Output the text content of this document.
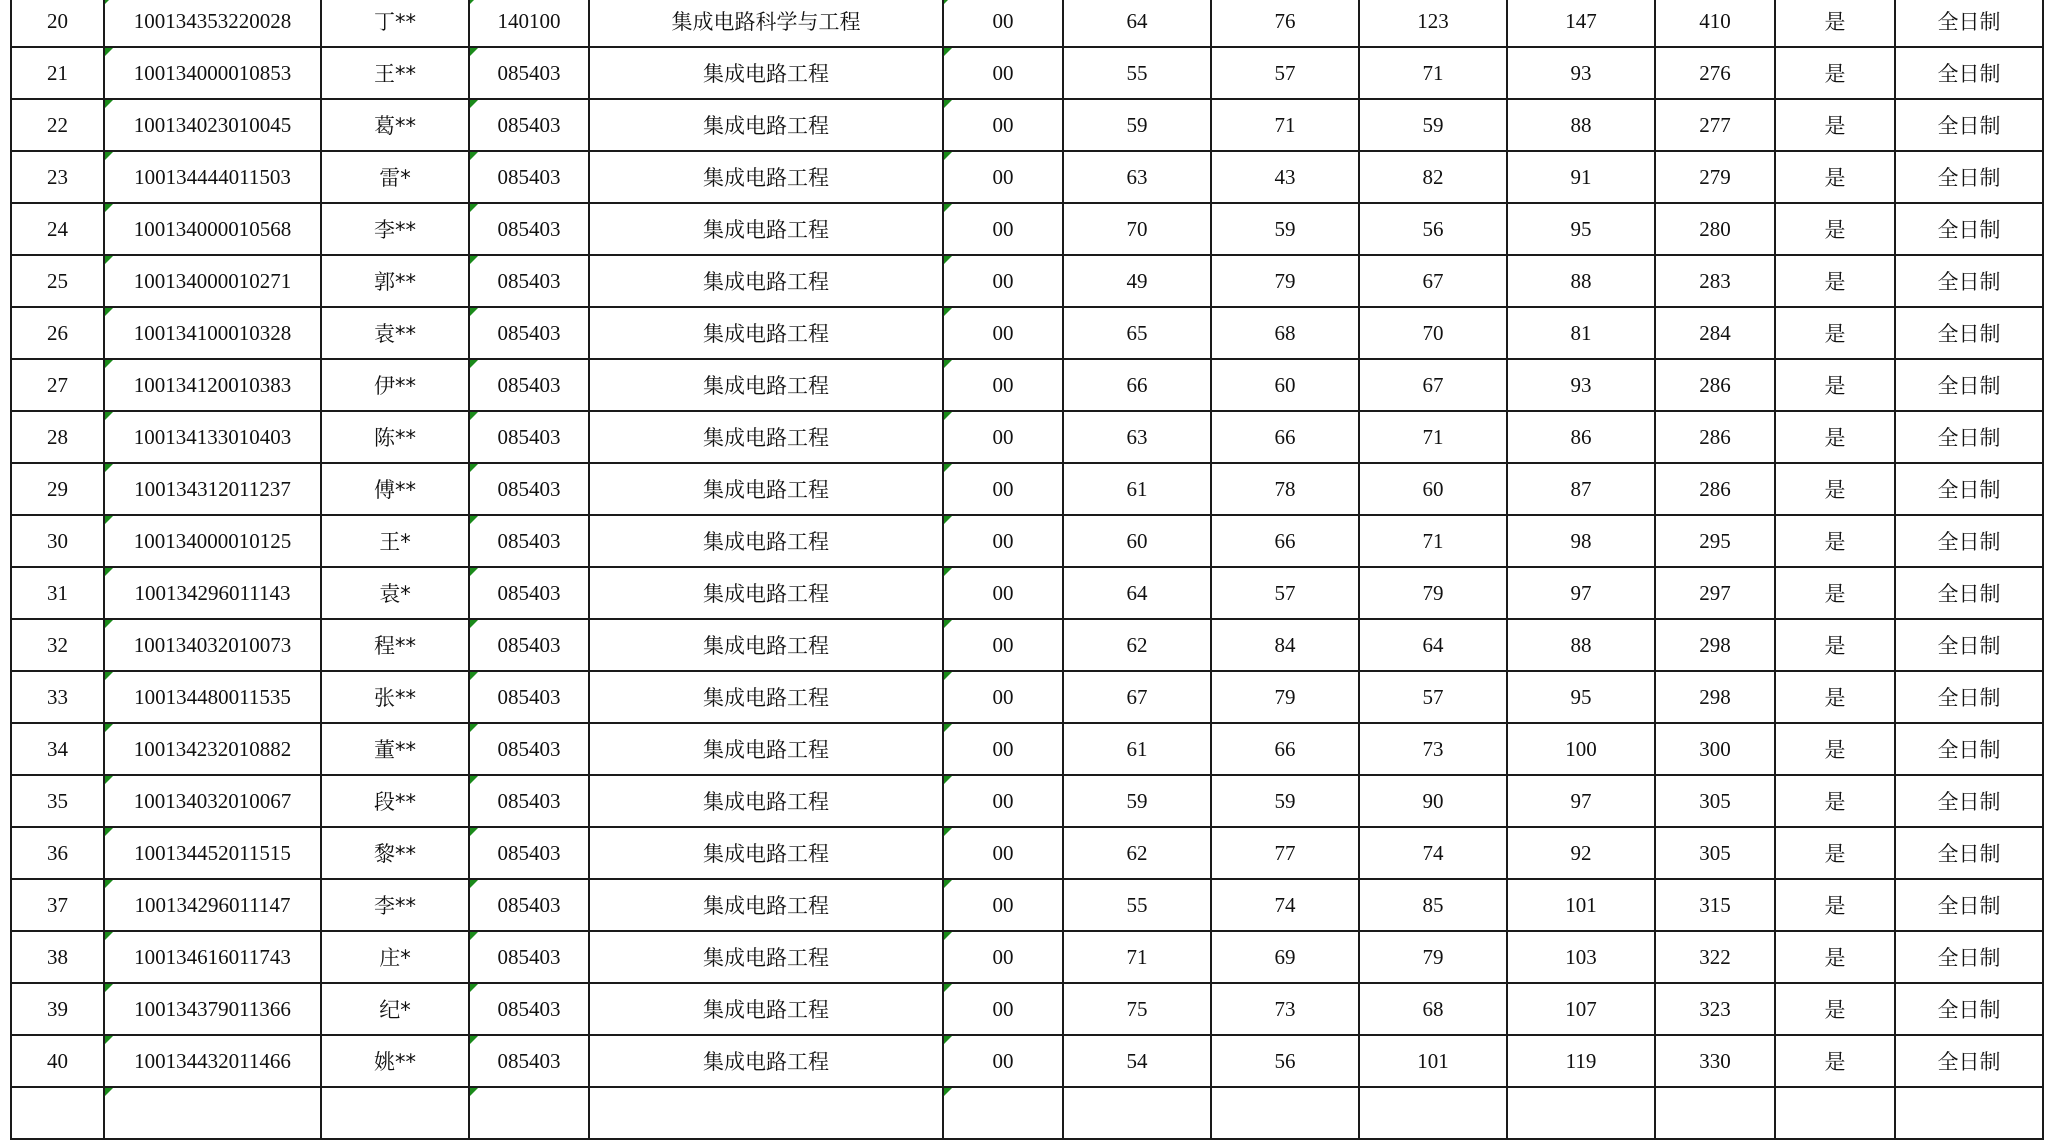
20	100134353220028	丁**	140100	集成电路科学与工程	00	64	76	123	147	410	是	全日制
21	100134000010853	王**	085403	集成电路工程	00	55	57	71	93	276	是	全日制
22	100134023010045	葛**	085403	集成电路工程	00	59	71	59	88	277	是	全日制
23	100134444011503	雷*	085403	集成电路工程	00	63	43	82	91	279	是	全日制
24	100134000010568	李**	085403	集成电路工程	00	70	59	56	95	280	是	全日制
25	100134000010271	郭**	085403	集成电路工程	00	49	79	67	88	283	是	全日制
26	100134100010328	袁**	085403	集成电路工程	00	65	68	70	81	284	是	全日制
27	100134120010383	伊**	085403	集成电路工程	00	66	60	67	93	286	是	全日制
28	100134133010403	陈**	085403	集成电路工程	00	63	66	71	86	286	是	全日制
29	100134312011237	傅**	085403	集成电路工程	00	61	78	60	87	286	是	全日制
30	100134000010125	王*	085403	集成电路工程	00	60	66	71	98	295	是	全日制
31	100134296011143	袁*	085403	集成电路工程	00	64	57	79	97	297	是	全日制
32	100134032010073	程**	085403	集成电路工程	00	62	84	64	88	298	是	全日制
33	100134480011535	张**	085403	集成电路工程	00	67	79	57	95	298	是	全日制
34	100134232010882	董**	085403	集成电路工程	00	61	66	73	100	300	是	全日制
35	100134032010067	段**	085403	集成电路工程	00	59	59	90	97	305	是	全日制
36	100134452011515	黎**	085403	集成电路工程	00	62	77	74	92	305	是	全日制
37	100134296011147	李**	085403	集成电路工程	00	55	74	85	101	315	是	全日制
38	100134616011743	庄*	085403	集成电路工程	00	71	69	79	103	322	是	全日制
39	100134379011366	纪*	085403	集成电路工程	00	75	73	68	107	323	是	全日制
40	100134432011466	姚**	085403	集成电路工程	00	54	56	101	119	330	是	全日制
